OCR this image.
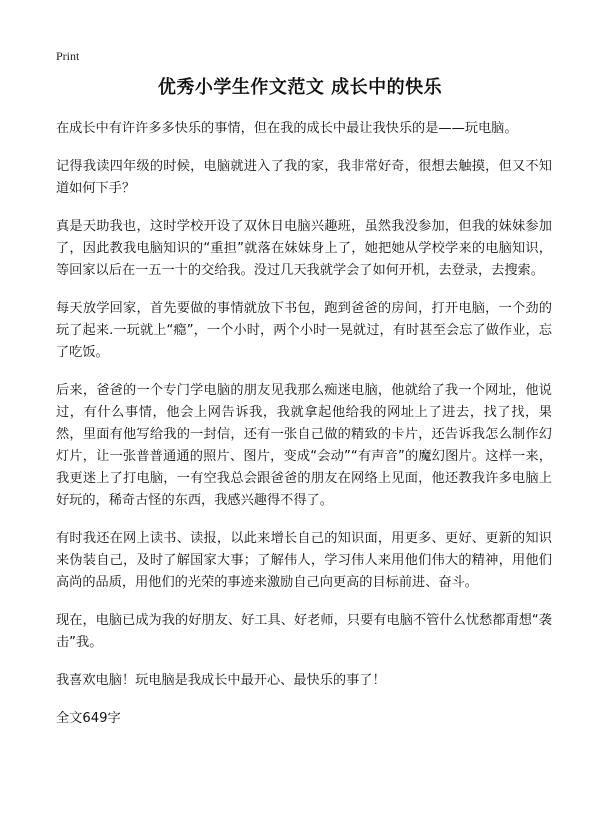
Print
优秀小学生作文范文 成长中的快乐

在成长中有许许多多快乐的事情，但在我的成长中最让我快乐的是——玩电脑。

记得我读四年级的时候，电脑就进入了我的家，我非常好奇，很想去触摸，但又不知道如何下手？

真是天助我也，这时学校开设了双休日电脑兴趣班，虽然我没参加，但我的妹妹参加了，因此教我电脑知识的“重担”就落在妹妹身上了，她把她从学校学来的电脑知识，等回家以后在一五一十的交给我。没过几天我就学会了如何开机，去登录，去搜索。

每天放学回家，首先要做的事情就放下书包，跑到爸爸的房间，打开电脑，一个劲的玩了起来.一玩就上“瘾”，一个小时，两个小时一晃就过，有时甚至会忘了做作业，忘了吃饭。

后来，爸爸的一个专门学电脑的朋友见我那么痴迷电脑，他就给了我一个网址，他说过，有什么事情，他会上网告诉我，我就拿起他给我的网址上了进去，找了找，果然，里面有他写给我的一封信，还有一张自己做的精致的卡片，还告诉我怎么制作幻灯片，让一张普普通通的照片、图片，变成“会动”“有声音”的魔幻图片。这样一来，我更迷上了打电脑，一有空我总会跟爸爸的朋友在网络上见面，他还教我许多电脑上好玩的，稀奇古怪的东西，我感兴趣得不得了。

有时我还在网上读书、读报，以此来增长自己的知识面，用更多、更好、更新的知识来伪装自己，及时了解国家大事；了解伟人，学习伟人来用他们伟大的精神，用他们高尚的品质，用他们的光荣的事迹来激励自己向更高的目标前进、奋斗。

现在，电脑已成为我的好朋友、好工具、好老师，只要有电脑不管什么忧愁都甭想“袭击”我。

我喜欢电脑！玩电脑是我成长中最开心、最快乐的事了！

全文649字
